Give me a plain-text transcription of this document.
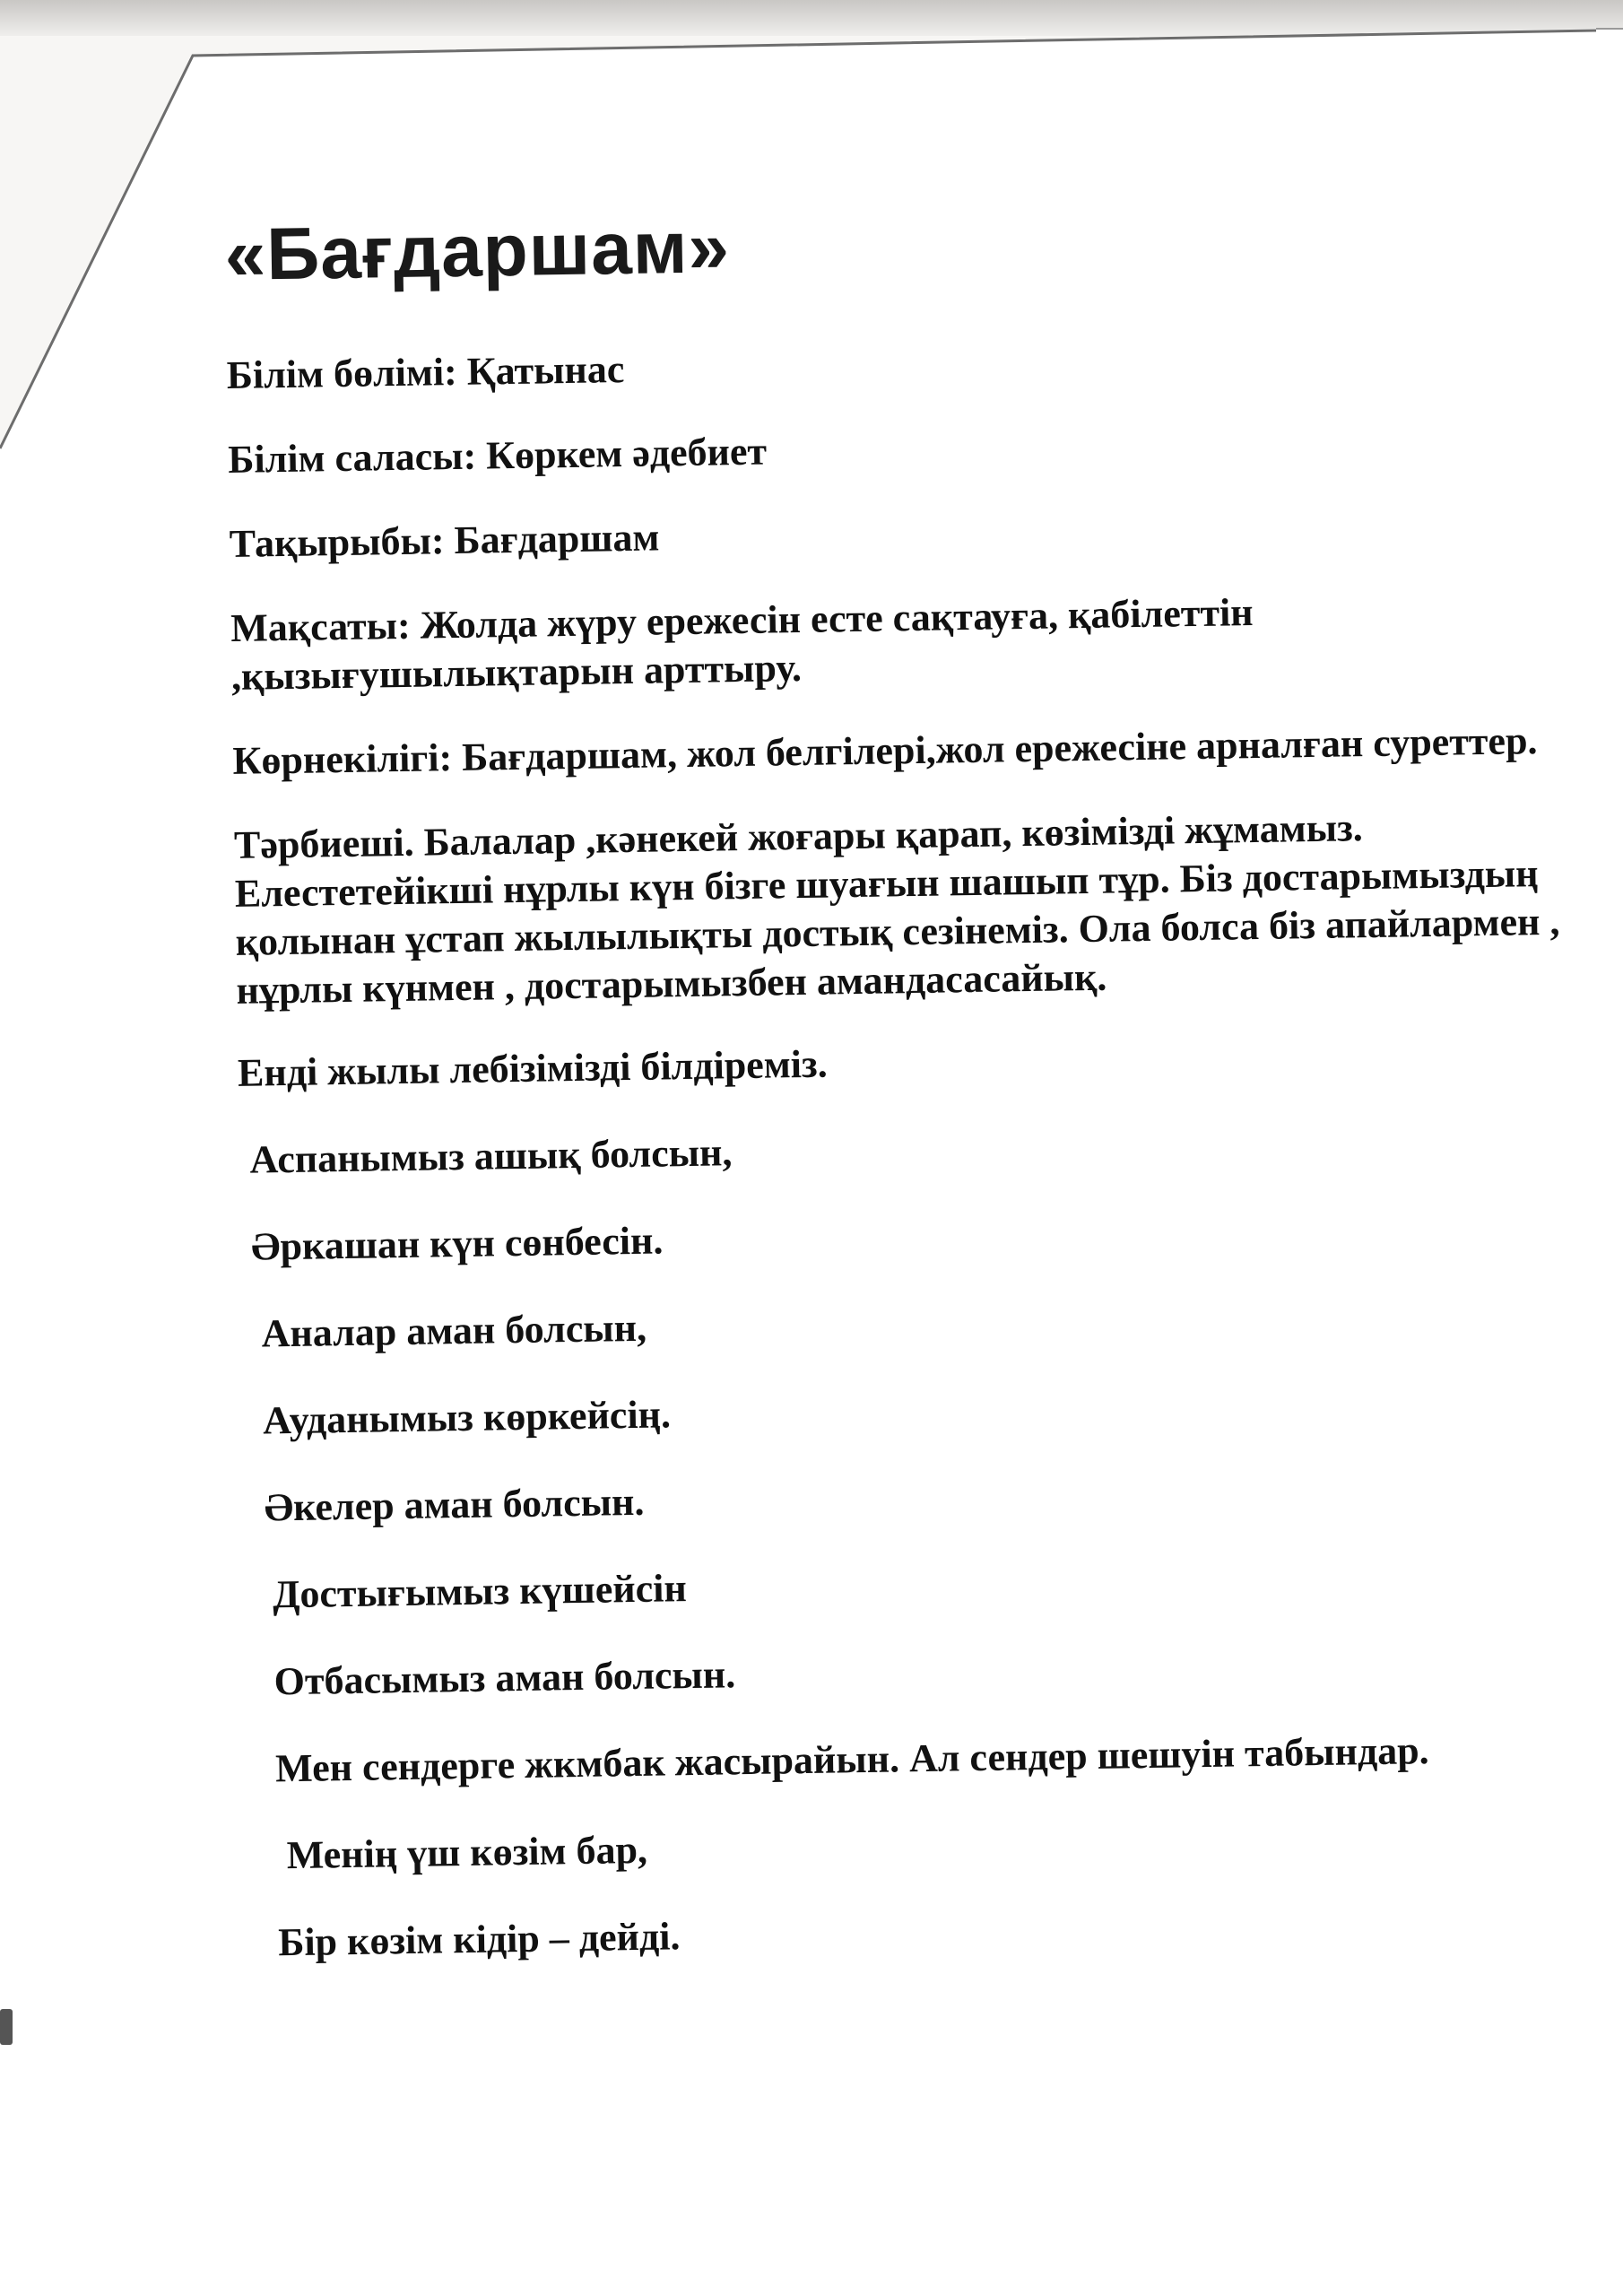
«Бағдаршам»

Білім бөлімі: Қатынас

Білім саласы: Көркем әдебиет

Тақырыбы: Бағдаршам

Мақсаты: Жолда жүру ережесін есте сақтауға, қабілеттін ,қызығушылықтарын арттыру.

Көрнекілігі: Бағдаршам, жол белгілері,жол ережесіне арналған суреттер.

Тәрбиеші. Балалар ,кәнекей жоғары қарап, көзімізді жұмамыз. Елестетейікші нұрлы күн бізге шуағын шашып тұр. Біз достарымыздың қолынан ұстап жылылықты достық сезінеміз. Ола болса біз апайлармен , нұрлы күнмен , достарымызбен амандасасайық.

Енді жылы лебізімізді білдіреміз.

Аспанымыз ашық болсын,

Әркашан күн сөнбесін.

Аналар аман болсын,

Ауданымыз көркейсің.

Әкелер аман болсын.

Достығымыз күшейсін

Отбасымыз аман болсын.

Мен сендерге жкмбак жасырайын. Ал сендер шешуін табындар.

Менің үш көзім бар,

Бір көзім кідір – дейді.
